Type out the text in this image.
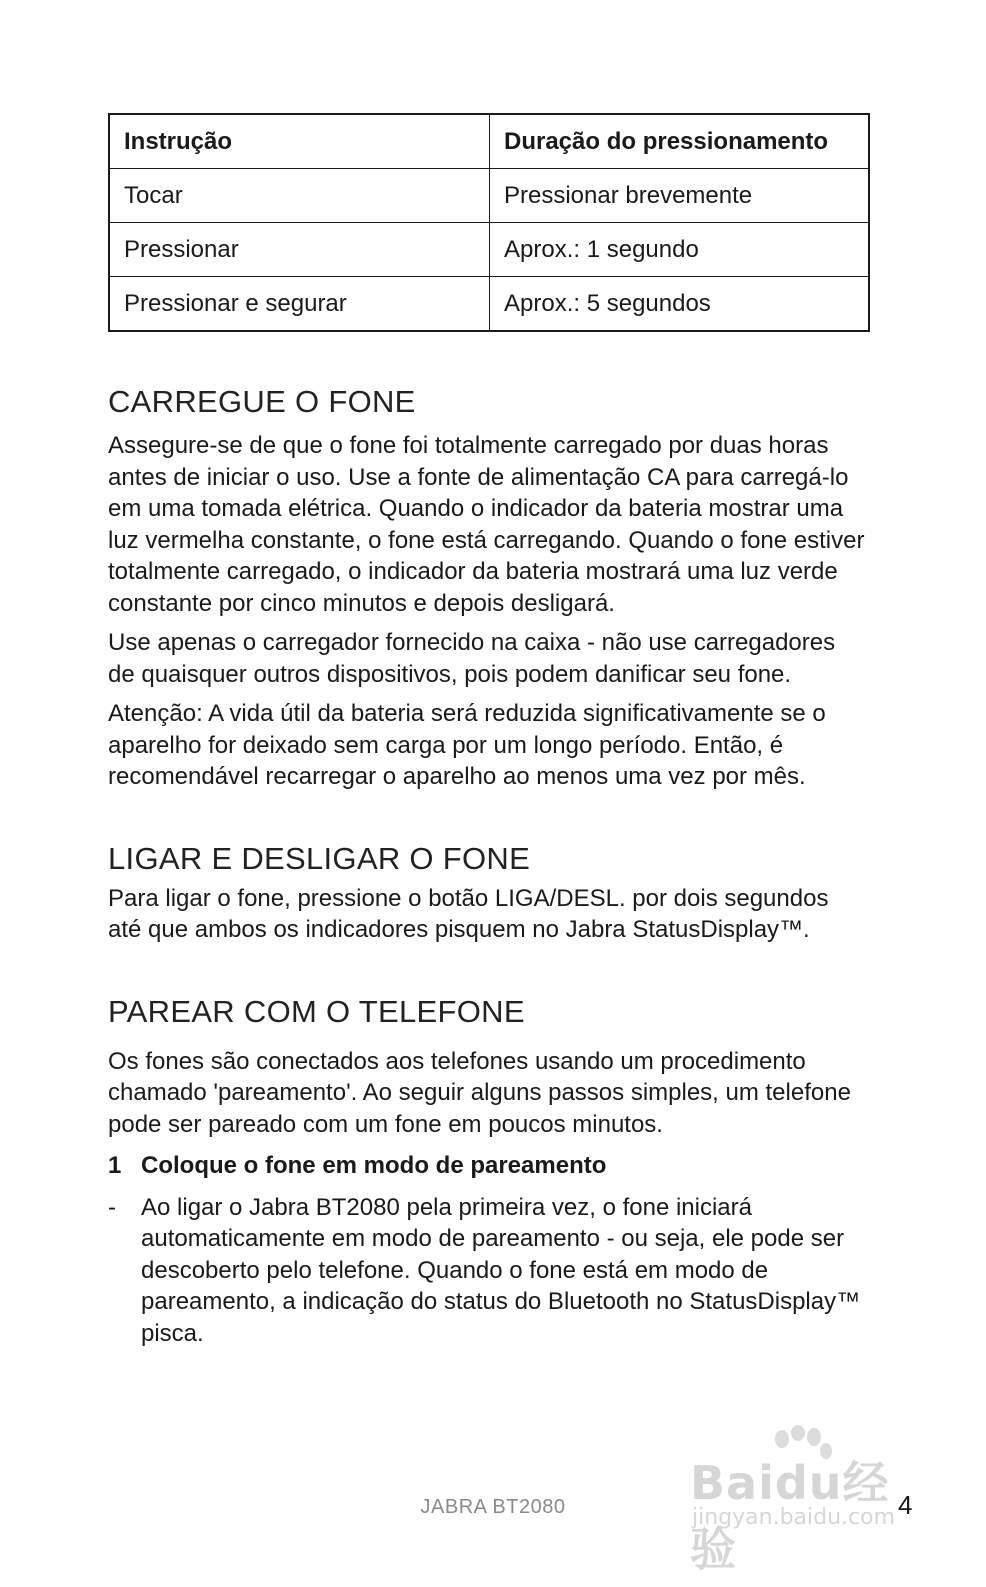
Instrução	Duração do pressionamento
Tocar	Pressionar brevemente
Pressionar	Aprox.: 1 segundo
Pressionar e segurar	Aprox.: 5 segundos
CARREGUE O FONE

Assegure-se de que o fone foi totalmente carregado por duas horas antes de iniciar o uso. Use a fonte de alimentação CA para carregá-lo em uma tomada elétrica. Quando o indicador da bateria mostrar uma luz vermelha constante, o fone está carregando. Quando o fone estiver totalmente carregado, o indicador da bateria mostrará uma luz verde constante por cinco minutos e depois desligará.

Use apenas o carregador fornecido na caixa - não use carregadores de quaisquer outros dispositivos, pois podem danificar seu fone.

Atenção: A vida útil da bateria será reduzida significativamente se o aparelho for deixado sem carga por um longo período. Então, é recomendável recarregar o aparelho ao menos uma vez por mês.

LIGAR E DESLIGAR O FONE

Para ligar o fone, pressione o botão LIGA/DESL. por dois segundos até que ambos os indicadores pisquem no Jabra StatusDisplay™.

PAREAR COM O TELEFONE

Os fones são conectados aos telefones usando um procedimento chamado 'pareamento'. Ao seguir alguns passos simples, um telefone pode ser pareado com um fone em poucos minutos.

1 Coloque o fone em modo de pareamento
-	Ao ligar o Jabra BT2080 pela primeira vez, o fone iniciará automaticamente em modo de pareamento - ou seja, ele pode ser descoberto pelo telefone. Quando o fone está em modo de pareamento, a indicação do status do Bluetooth no StatusDisplay™ pisca.
Baidu经验
jingyan.baidu.com
JABRA BT2080	4
